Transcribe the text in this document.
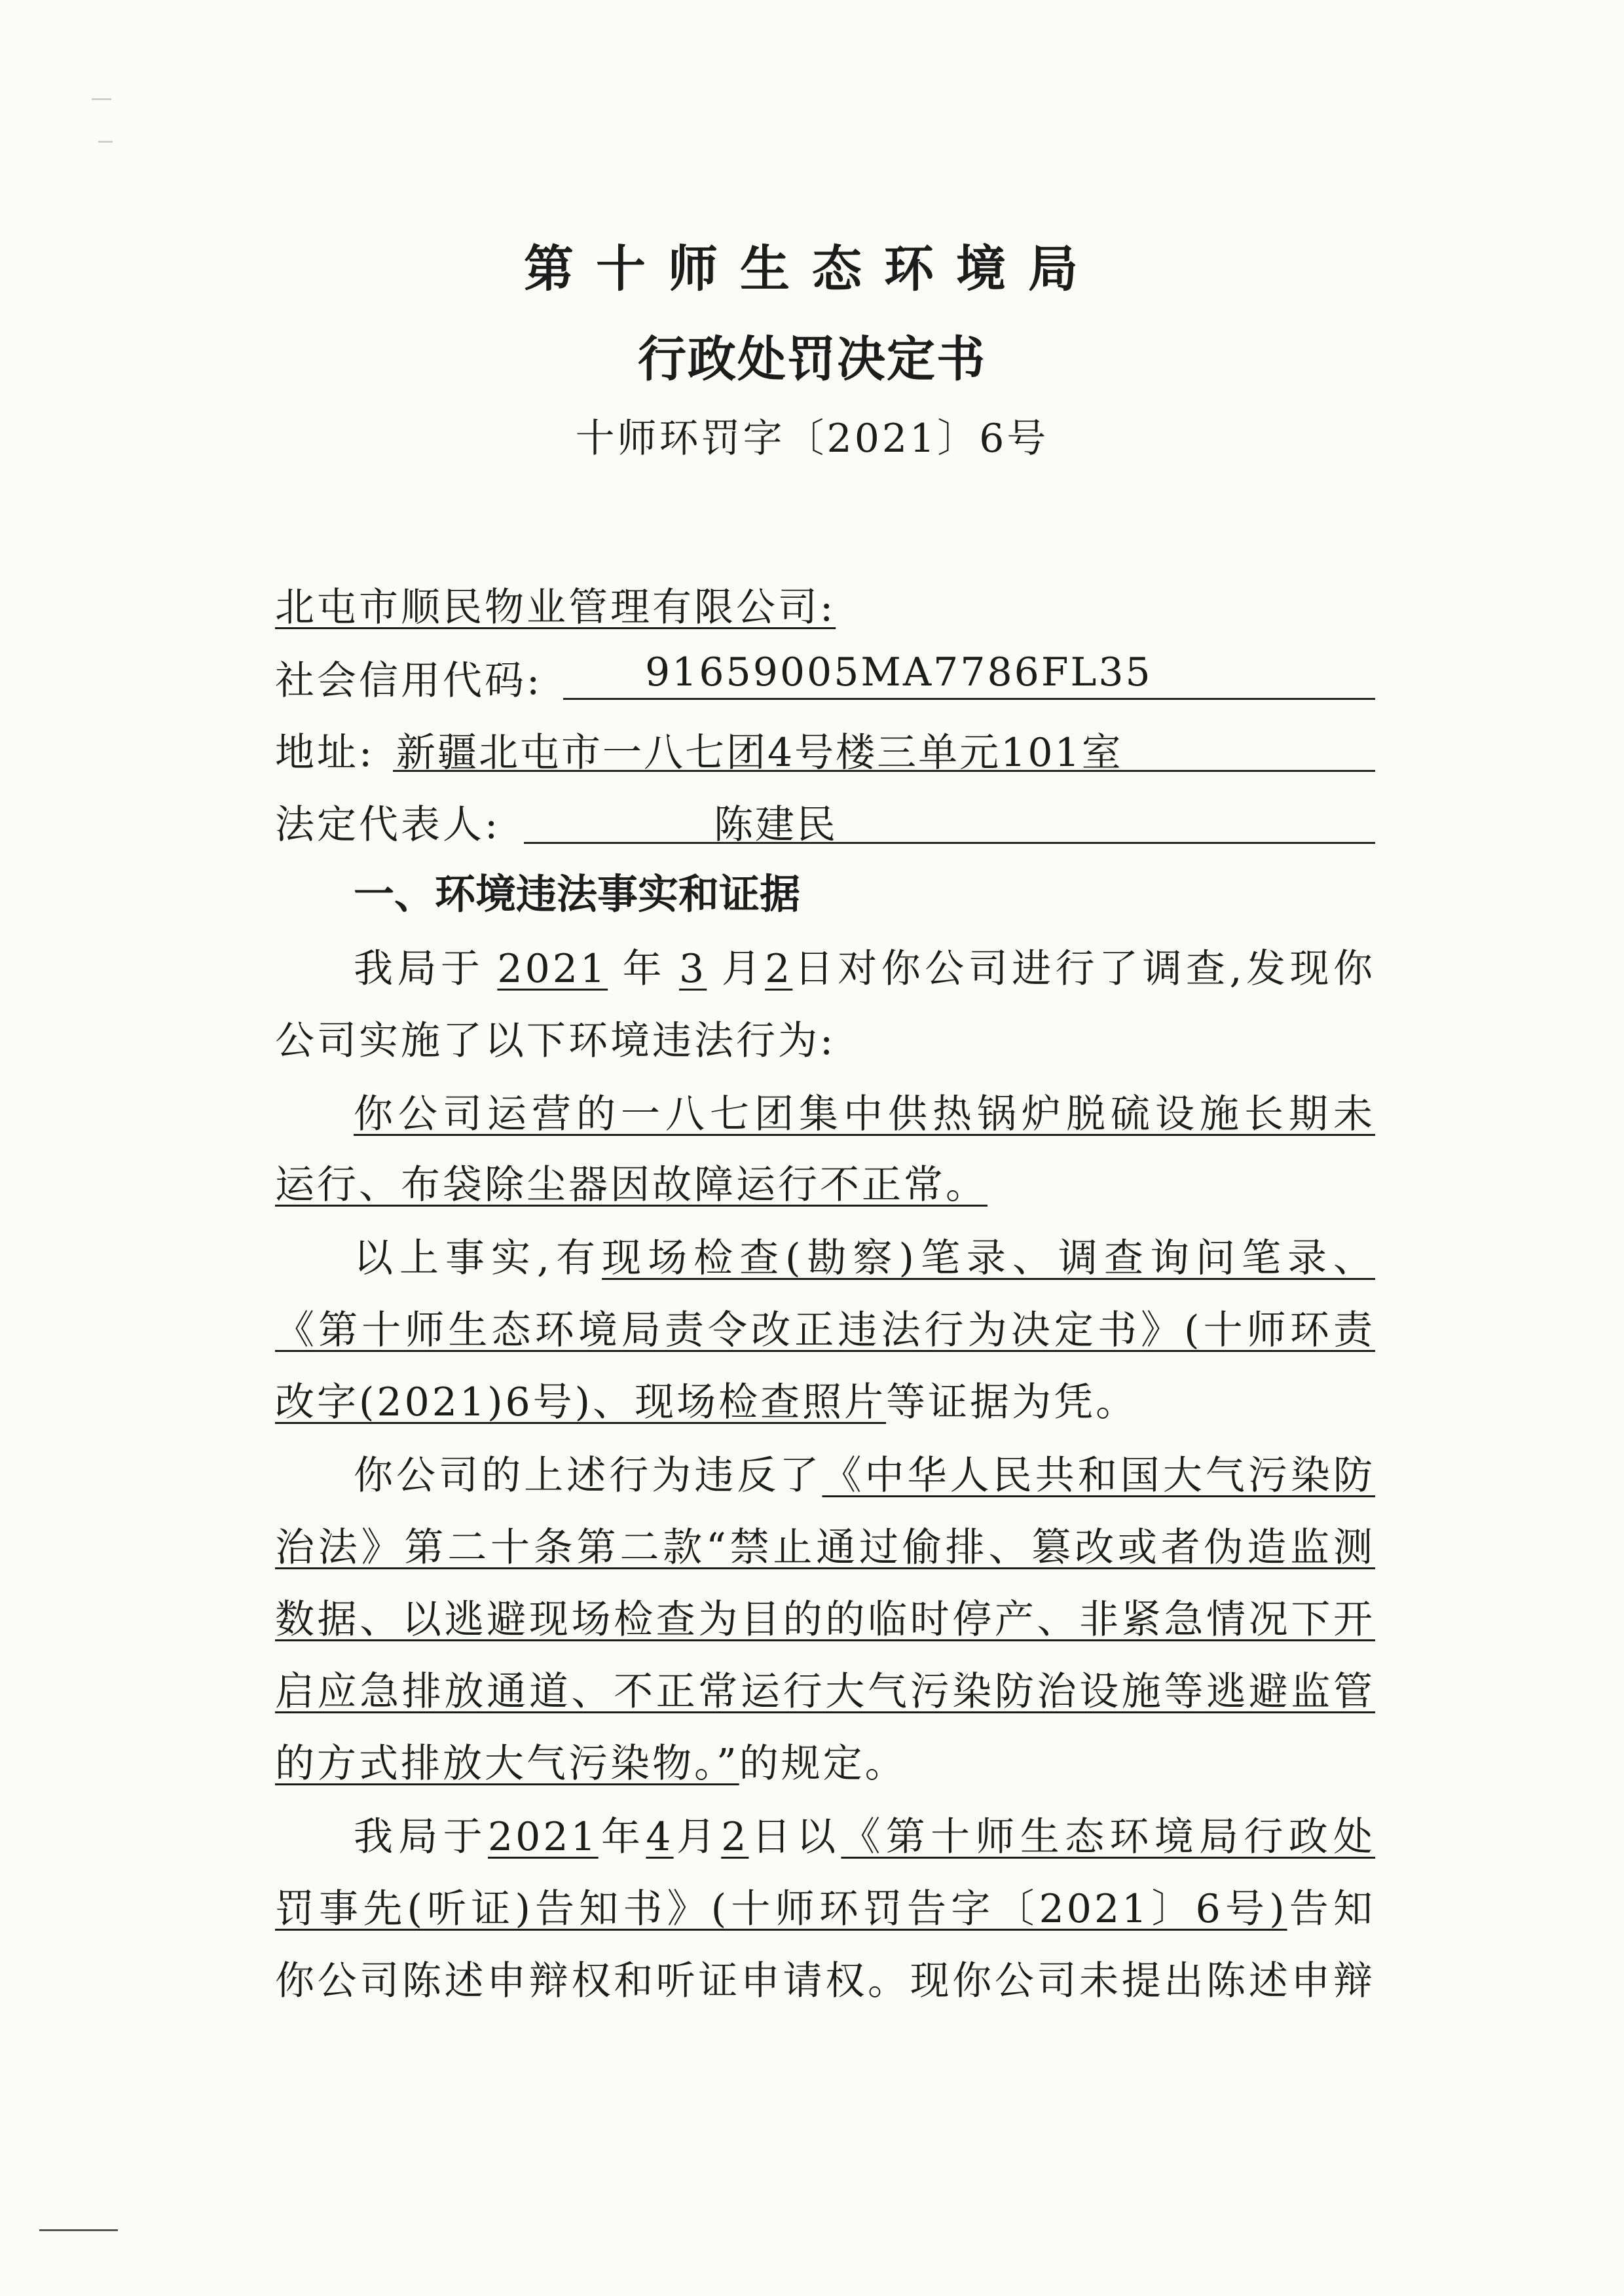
第十师生态环境局
行政处罚决定书
十师环罚字〔2021〕6号
北屯市顺民物业管理有限公司:
社会信用代码:	91659005MA7786FL35
地址: 新疆北屯市一八七团4号楼三单元101室
法定代表人:	陈建民
一、环境违法事实和证据
我局于 2021 年 3 月2日对你公司进行了调查,发现你
公司实施了以下环境违法行为:
你公司运营的一八七团集中供热锅炉脱硫设施长期未
运行、布袋除尘器因故障运行不正常。
以上事实,有现场检查(勘察)笔录、调查询问笔录、
《第十师生态环境局责令改正违法行为决定书》(十师环责
改字(2021)6号)、现场检查照片等证据为凭。
你公司的上述行为违反了《中华人民共和国大气污染防
治法》第二十条第二款“禁止通过偷排、篡改或者伪造监测
数据、以逃避现场检查为目的的临时停产、非紧急情况下开
启应急排放通道、不正常运行大气污染防治设施等逃避监管
的方式排放大气污染物。”的规定。
我局于2021年4月2日以《第十师生态环境局行政处
罚事先(听证)告知书》(十师环罚告字〔2021〕6号)告知
你公司陈述申辩权和听证申请权。现你公司未提出陈述申辩
